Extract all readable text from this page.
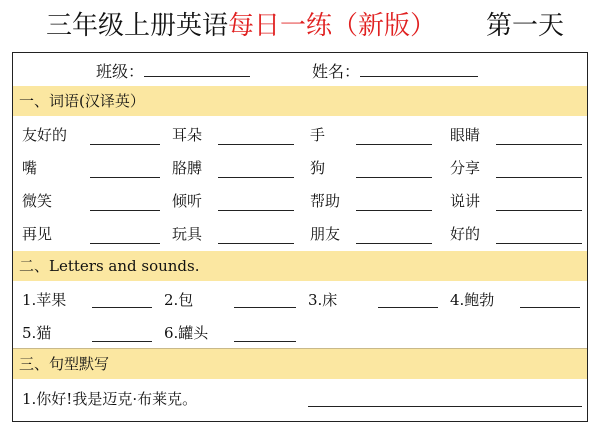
三年级上册英语每日一练（新版） 第一天
班级：	姓名：
一、词语(汉译英）
友好的	耳朵	手	眼睛
嘴	胳膊	狗	分享
微笑	倾听	帮助	说讲
再见	玩具	朋友	好的
二、Letters and sounds.
1.苹果	2.包	3.床	4.鲍勃
5.猫	6.罐头
三、句型默写
1.你好!我是迈克·布莱克。
